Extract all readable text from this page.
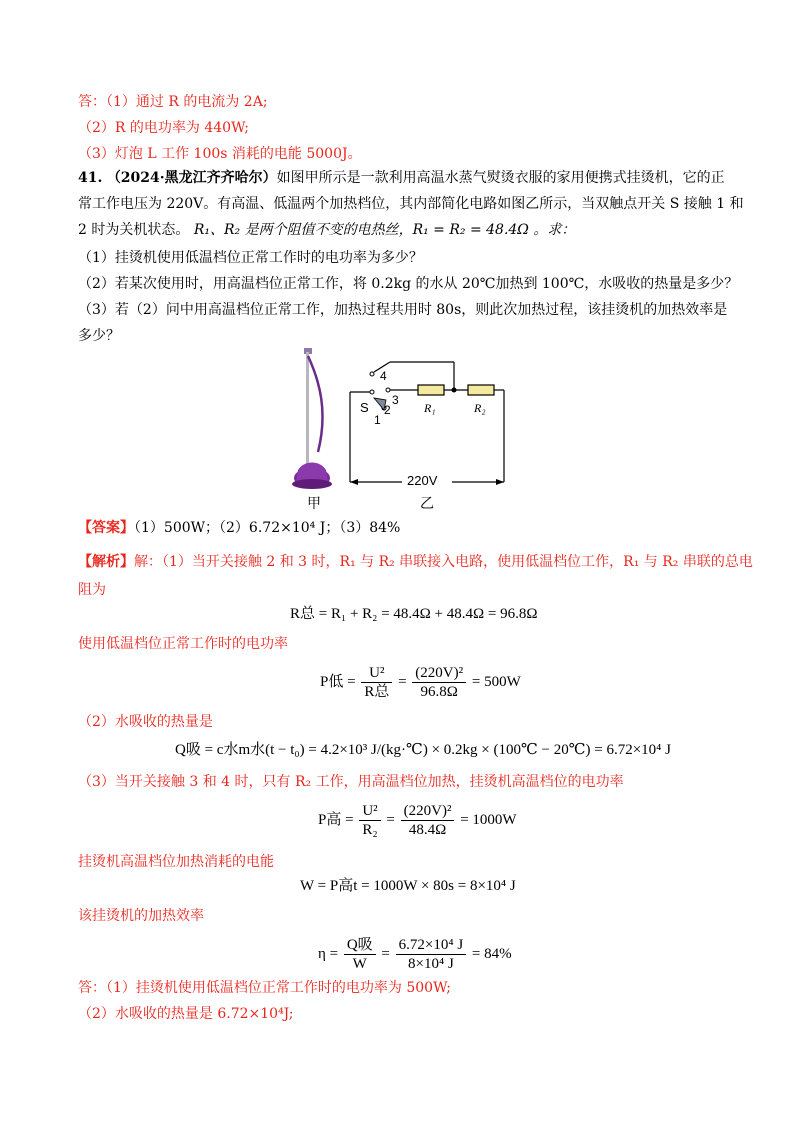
答：（1）通过 R 的电流为 2A;
（2）R 的电功率为 440W;
（3）灯泡 L 工作 100s 消耗的电能 5000J。
41. （2024·黑龙江齐齐哈尔）如图甲所示是一款利用高温水蒸气熨烫衣服的家用便携式挂烫机，它的正
常工作电压为 220V。有高温、低温两个加热档位，其内部简化电路如图乙所示，当双触点开关 S 接触 1 和
2 时为关机状态。 R₁、R₂ 是两个阻值不变的电热丝，R₁ = R₂ = 48.4Ω 。求：
（1）挂烫机使用低温档位正常工作时的电功率为多少？
（2）若某次使用时，用高温档位正常工作，将 0.2kg 的水从 20℃加热到 100℃，水吸收的热量是多少？
（3）若（2）问中用高温档位正常工作，加热过程共用时 80s，则此次加热过程，该挂烫机的加热效率是
多少？
甲
4
3
2
1
S	R₁	R₂
220V
乙
【答案】（1）500W；（2）6.72×10⁴ J；（3）84%
【解析】解：（1）当开关接触 2 和 3 时，R₁ 与 R₂ 串联接入电路，使用低温档位工作，R₁ 与 R₂ 串联的总电
阻为
R总 = R₁ + R₂ = 48.4Ω + 48.4Ω = 96.8Ω
使用低温档位正常工作时的电功率
P低 = $\frac{\text{U²}}{\text{R总}} = \frac{\text{(220V)²}}{96.8\Omega} = 500W$
（2）水吸收的热量是
Q吸 = c水m水(t − t₀) = 4.2×10³ J/(kg·℃) × 0.2kg × (100℃ − 20℃) = 6.72×10⁴ J
（3）当开关接触 3 和 4 时，只有 R₂ 工作，用高温档位加热，挂烫机高温档位的电功率
P高 = $\frac{\text{U²}}{\text{R₂}} = \frac{\text{(220V)²}}{48.4\Omega} = 1000W$
挂烫机高温档位加热消耗的电能
W = P高t = 1000W × 80s = 8×10⁴ J
该挂烫机的加热效率
$\eta = \frac{\text{Q吸}}{W} = \frac{\text{6.72×10⁴ J}}{\text{8×10⁴ J}} = 84\%$
答：（1）挂烫机使用低温档位正常工作时的电功率为 500W;
（2）水吸收的热量是 6.72×10⁴J;
